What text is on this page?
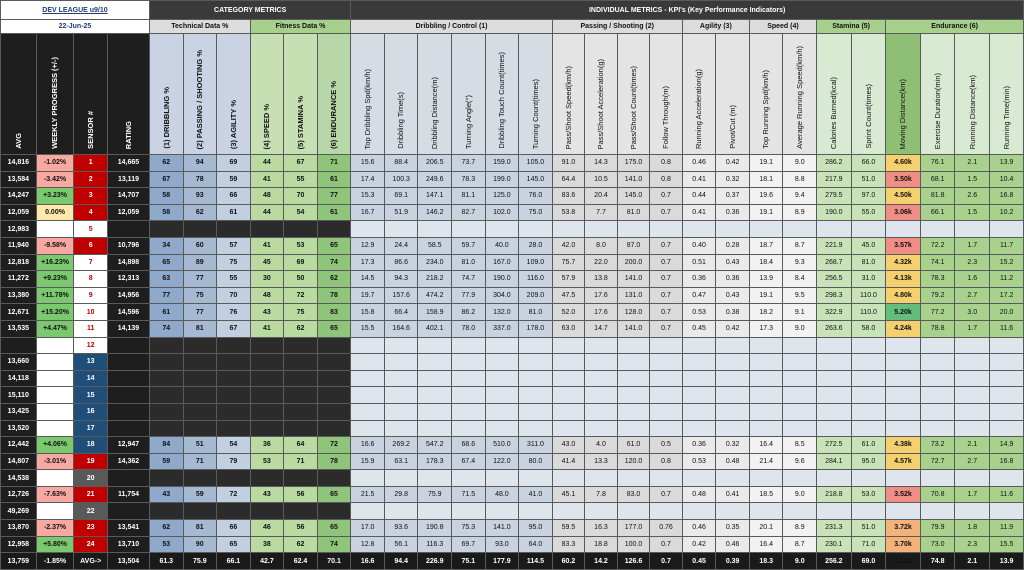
DEV LEAGUE u9/10				CATEGORY METRICS						INDIVIDUAL METRICS - KPI's (Key Performance Indicators)																			
22-Jun-25				Technical Data %			Fitness Data %			Dribbling / Control (1)						Passing / Shooting (2)				Agility (3)		Speed (4)		Stamina (5)		Endurance (6)			
AVG	WEEKLY PROGRESS (+/-)	SENSOR #	RATING	(1) DRIBBLING %	(2) PASSING / SHOOTING %	(3) AGILITY %	(4) SPEED %	(5) STAMINA %	(6) ENDURANCE %	Top Dribbling Spd(km/h)	Dribbling Time(s)	Dribbling Distance(m)	Turning Angle(°)	Dribbling Touch Count(times)	Turning Count(times)	Pass/Shoot Speed(km/h)	Pass/Shoot Acceleration(g)	Pass/Shoot Count(times)	Follow Through(m)	Running Acceleration(g)	Pivot/Cut (m)	Top Running Spd(km/h)	Average Running Speed(km/h)	Calories Burned(kcal)	Sprint Count(times)	Moving Distance(km)	Exercise Duration(min)	Running Distance(km)	Running Time(min)
14,816	-1.02%	1	14,665	62	94	69	44	67	71	15.6	88.4	206.5	73.7	159.0	105.0	91.0	14.3	175.0	0.8	0.46	0.42	19.1	9.0	286.2	66.0	4.60k	76.1	2.1	13.9
13,584	-3.42%	2	13,119	67	78	59	41	55	61	17.4	100.3	249.6	78.3	199.0	145.0	64.4	10.5	141.0	0.8	0.41	0.32	18.1	8.8	217.9	51.0	3.50k	68.1	1.5	10.4
14,247	+3.23%	3	14,707	58	93	66	48	70	77	15.3	69.1	147.1	81.1	125.0	76.0	83.6	20.4	145.0	0.7	0.44	0.37	19.6	9.4	279.5	97.0	4.50k	81.8	2.6	16.8
12,059	0.00%	4	12,059	58	62	61	44	54	61	16.7	51.9	146.2	82.7	102.0	75.0	53.8	7.7	81.0	0.7	0.41	0.36	19.1	8.9	190.0	55.0	3.06k	66.1	1.5	10.2
12,983		5																											
11,940	-9.58%	6	10,796	34	60	57	41	53	65	12.9	24.4	58.5	59.7	40.0	28.0	42.0	8.0	87.0	0.7	0.40	0.28	18.7	8.7	221.9	45.0	3.57k	72.2	1.7	11.7
12,818	+16.23%	7	14,898	65	89	75	45	69	74	17.3	86.6	234.0	81.0	167.0	109.0	75.7	22.0	200.0	0.7	0.51	0.43	18.4	9.3	268.7	81.0	4.32k	74.1	2.3	15.2
11,272	+9.23%	8	12,313	63	77	55	30	50	62	14.5	94.3	218.2	74.7	190.0	116.0	57.9	13.8	141.0	0.7	0.36	0.36	13.9	8.4	256.5	31.0	4.13k	78.3	1.6	11.2
13,380	+11.78%	9	14,956	77	75	70	48	72	78	19.7	157.6	474.2	77.9	304.0	209.0	47.5	17.6	131.0	0.7	0.47	0.43	19.1	9.5	298.3	110.0	4.80k	79.2	2.7	17.2
12,671	+15.20%	10	14,596	61	77	76	43	75	83	15.8	66.4	158.9	86.2	132.0	81.0	52.0	17.6	128.0	0.7	0.53	0.38	18.2	9.1	322.9	110.0	5.20k	77.2	3.0	20.0
13,535	+4.47%	11	14,139	74	81	67	41	62	65	15.5	164.6	402.1	78.0	337.0	178.0	63.0	14.7	141.0	0.7	0.45	0.42	17.3	9.0	263.6	58.0	4.24k	78.8	1.7	11.6
		12																											
13,660		13																											
14,118		14																											
15,110		15																											
13,425		16																											
13,520		17																											
12,442	+4.06%	18	12,947	84	51	54	36	64	72	16.6	269.2	547.2	68.6	510.0	311.0	43.0	4.0	61.0	0.5	0.36	0.32	16.4	8.5	272.5	61.0	4.38k	73.2	2.1	14.9
14,807	-3.01%	19	14,362	59	71	79	53	71	78	15.9	63.1	178.3	67.4	122.0	80.0	41.4	13.3	120.0	0.8	0.53	0.48	21.4	9.6	284.1	95.0	4.57k	72.7	2.7	16.8
14,538		20																											
12,726	-7.63%	21	11,754	43	59	72	43	56	65	21.5	29.8	75.9	71.5	48.0	41.0	45.1	7.8	83.0	0.7	0.48	0.41	18.5	9.0	218.8	53.0	3.52k	70.8	1.7	11.6
49,269		22																											
13,870	-2.37%	23	13,541	62	81	66	46	56	65	17.0	93.6	190.8	75.3	141.0	95.0	59.5	16.3	177.0	0.76	0.46	0.35	20.1	8.9	231.3	51.0	3.72k	79.9	1.8	11.9
12,958	+5.80%	24	13,710	53	90	65	38	62	74	12.8	56.1	116.3	69.7	93.0	64.0	83.3	18.8	100.0	0.7	0.42	0.46	16.4	8.7	230.1	71.0	3.70k	73.0	2.3	15.5
13,759	-1.85%	AVG->	13,504	61.3	75.9	66.1	42.7	62.4	70.1	16.6	94.4	226.9	75.1	177.9	114.5	60.2	14.2	126.6	0.7	0.45	0.39	18.3	9.0	256.2	69.0	4.12k	74.8	2.1	13.9
